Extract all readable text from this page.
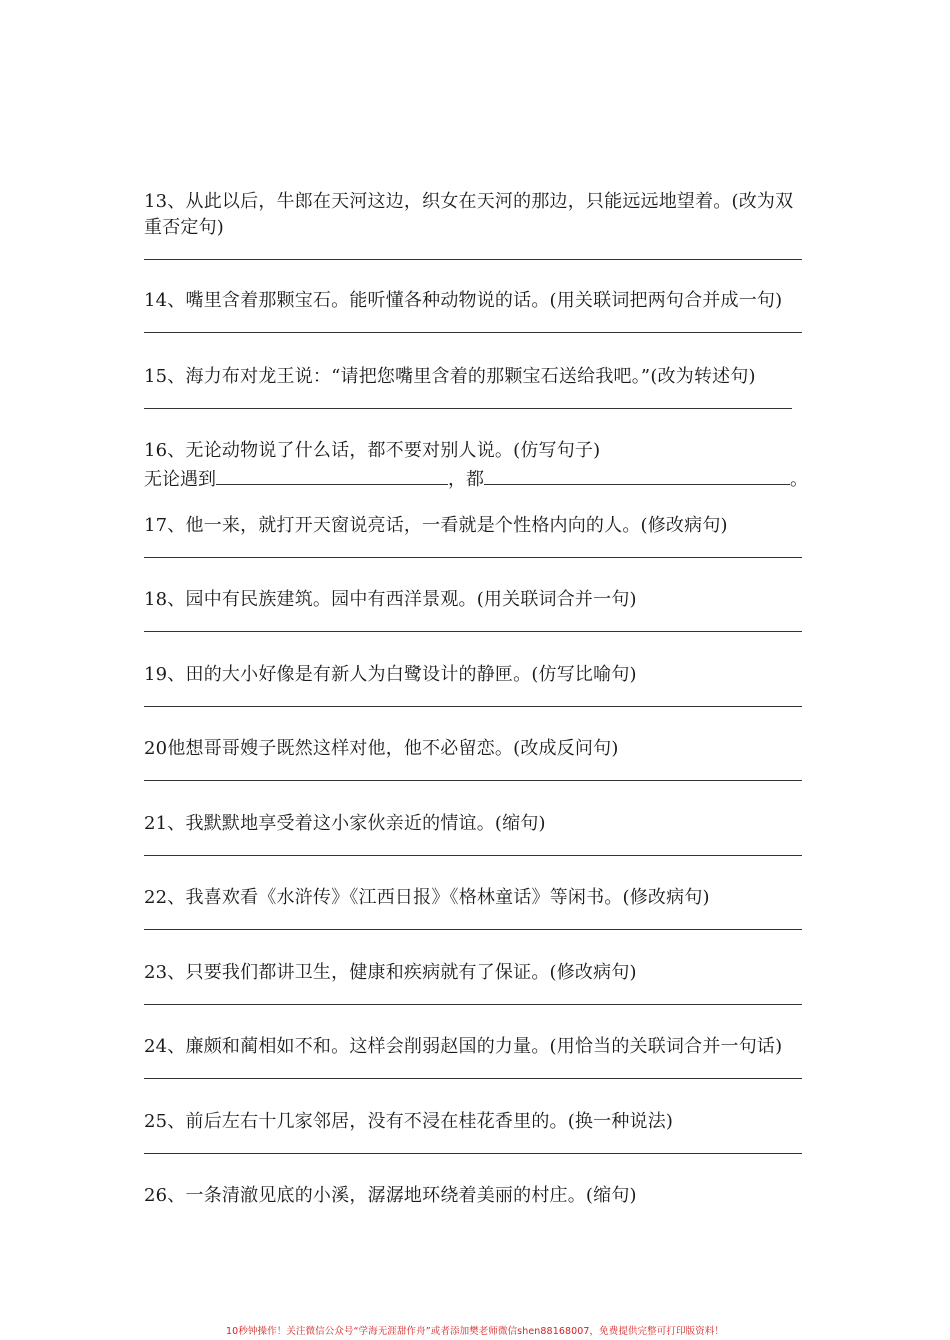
13、从此以后，牛郎在天河这边，织女在天河的那边，只能远远地望着。(改为双重否定句)
14、嘴里含着那颗宝石。能听懂各种动物说的话。(用关联词把两句合并成一句)
15、海力布对龙王说：“请把您嘴里含着的那颗宝石送给我吧。”(改为转述句)
16、无论动物说了什么话，都不要对别人说。(仿写句子)
无论遇到	，都	。
17、他一来，就打开天窗说亮话，一看就是个性格内向的人。(修改病句)
18、园中有民族建筑。园中有西洋景观。(用关联词合并一句)
19、田的大小好像是有新人为白鹭设计的静匣。(仿写比喻句)
20他想哥哥嫂子既然这样对他，他不必留恋。(改成反问句)
21、我默默地享受着这小家伙亲近的情谊。(缩句)
22、我喜欢看《水浒传》《江西日报》《格林童话》等闲书。(修改病句)
23、只要我们都讲卫生，健康和疾病就有了保证。(修改病句)
24、廉颇和蔺相如不和。这样会削弱赵国的力量。(用恰当的关联词合并一句话)
25、前后左右十几家邻居，没有不浸在桂花香里的。(换一种说法)
26、一条清澈见底的小溪，潺潺地环绕着美丽的村庄。(缩句)
10秒钟操作！关注微信公众号“学海无涯甜作舟”或者添加樊老师微信shen88168007，免费提供完整可打印版资料！
